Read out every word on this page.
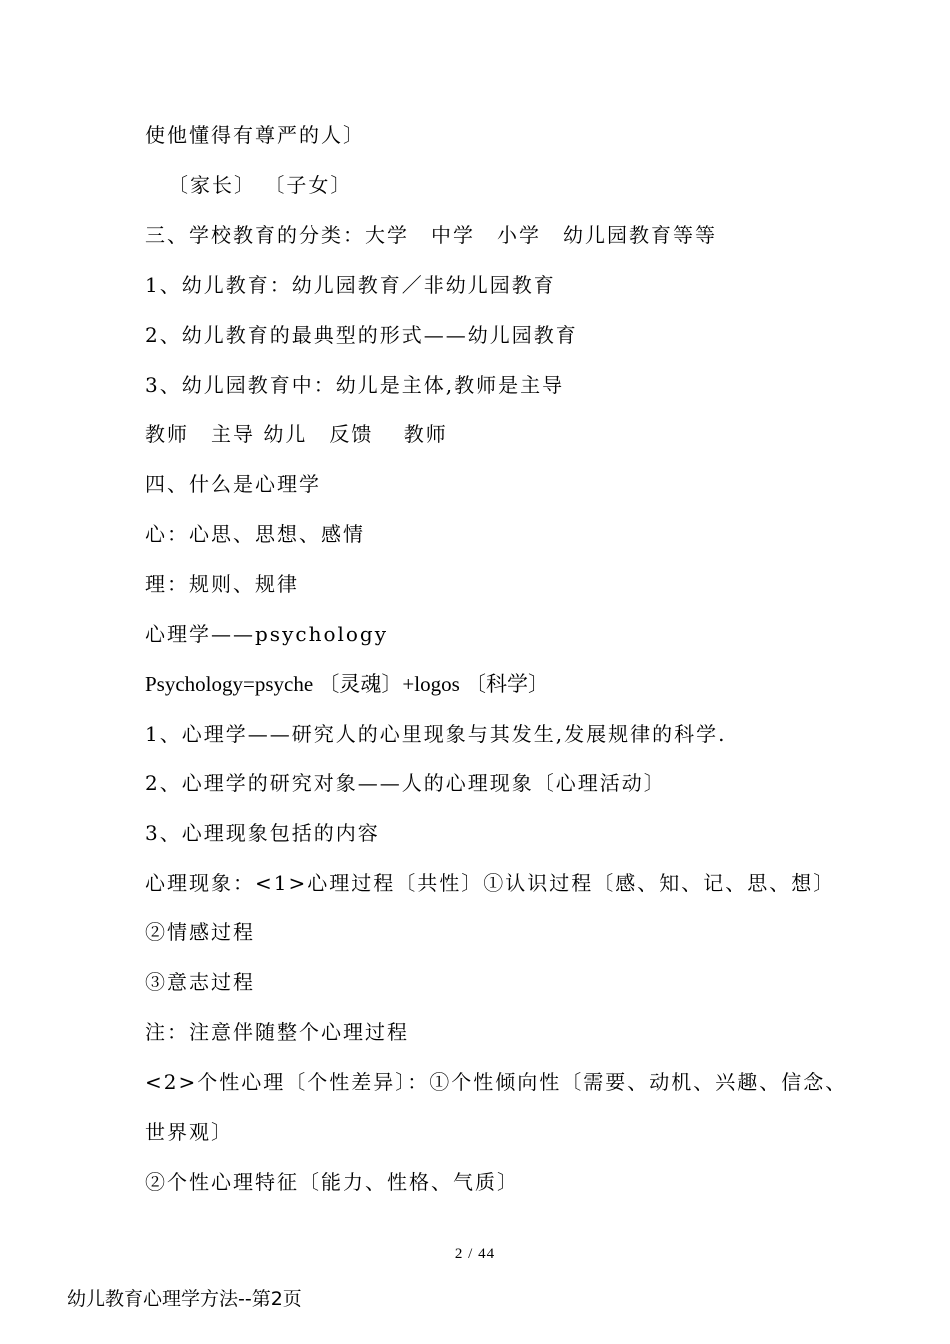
使他懂得有尊严的人〕
〔家长〕 〔子女〕
三、学校教育的分类：大学　中学　小学　幼儿园教育等等
1、幼儿教育：幼儿园教育／非幼儿园教育
2、幼儿教育的最典型的形式——幼儿园教育
3、幼儿园教育中：幼儿是主体,教师是主导
教师　主导 幼儿　反馈　 教师
四、什么是心理学
心：心思、思想、感情
理：规则、规律
心理学——psychology
Psychology=psyche 〔灵魂〕+logos 〔科学〕
1、心理学——研究人的心里现象与其发生,发展规律的科学.
2、心理学的研究对象——人的心理现象〔心理活动〕
3、心理现象包括的内容
心理现象：<1>心理过程〔共性〕①认识过程〔感、知、记、思、想〕
②情感过程
③意志过程
注：注意伴随整个心理过程
<2>个性心理〔个性差异〕：①个性倾向性〔需要、动机、兴趣、信念、
世界观〕
②个性心理特征〔能力、性格、气质〕
2 / 44
幼儿教育心理学方法--第2页
